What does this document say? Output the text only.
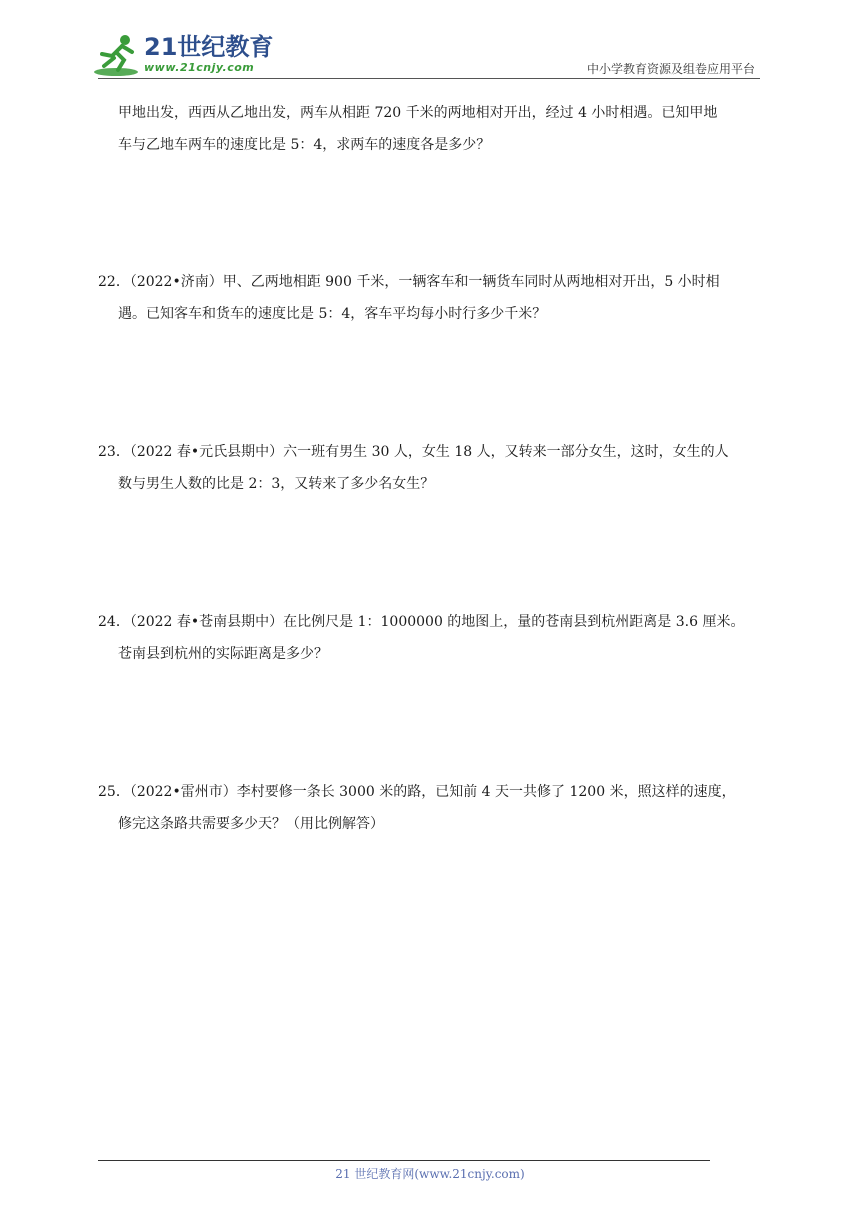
21世纪教育
www.21cnjy.com	中小学教育资源及组卷应用平台
甲地出发，西西从乙地出发，两车从相距 720 千米的两地相对开出，经过 4 小时相遇。已知甲地
车与乙地车两车的速度比是 5：4，求两车的速度各是多少？
22．（2022•济南）甲、乙两地相距 900 千米，一辆客车和一辆货车同时从两地相对开出，5 小时相
遇。已知客车和货车的速度比是 5：4，客车平均每小时行多少千米？
23．（2022 春•元氏县期中）六一班有男生 30 人，女生 18 人，又转来一部分女生，这时，女生的人
数与男生人数的比是 2：3，又转来了多少名女生？
24．（2022 春•苍南县期中）在比例尺是 1：1000000 的地图上，量的苍南县到杭州距离是 3.6 厘米。
苍南县到杭州的实际距离是多少？
25．（2022•雷州市）李村要修一条长 3000 米的路，已知前 4 天一共修了 1200 米，照这样的速度，
修完这条路共需要多少天？（用比例解答）
21 世纪教育网(www.21cnjy.com)
